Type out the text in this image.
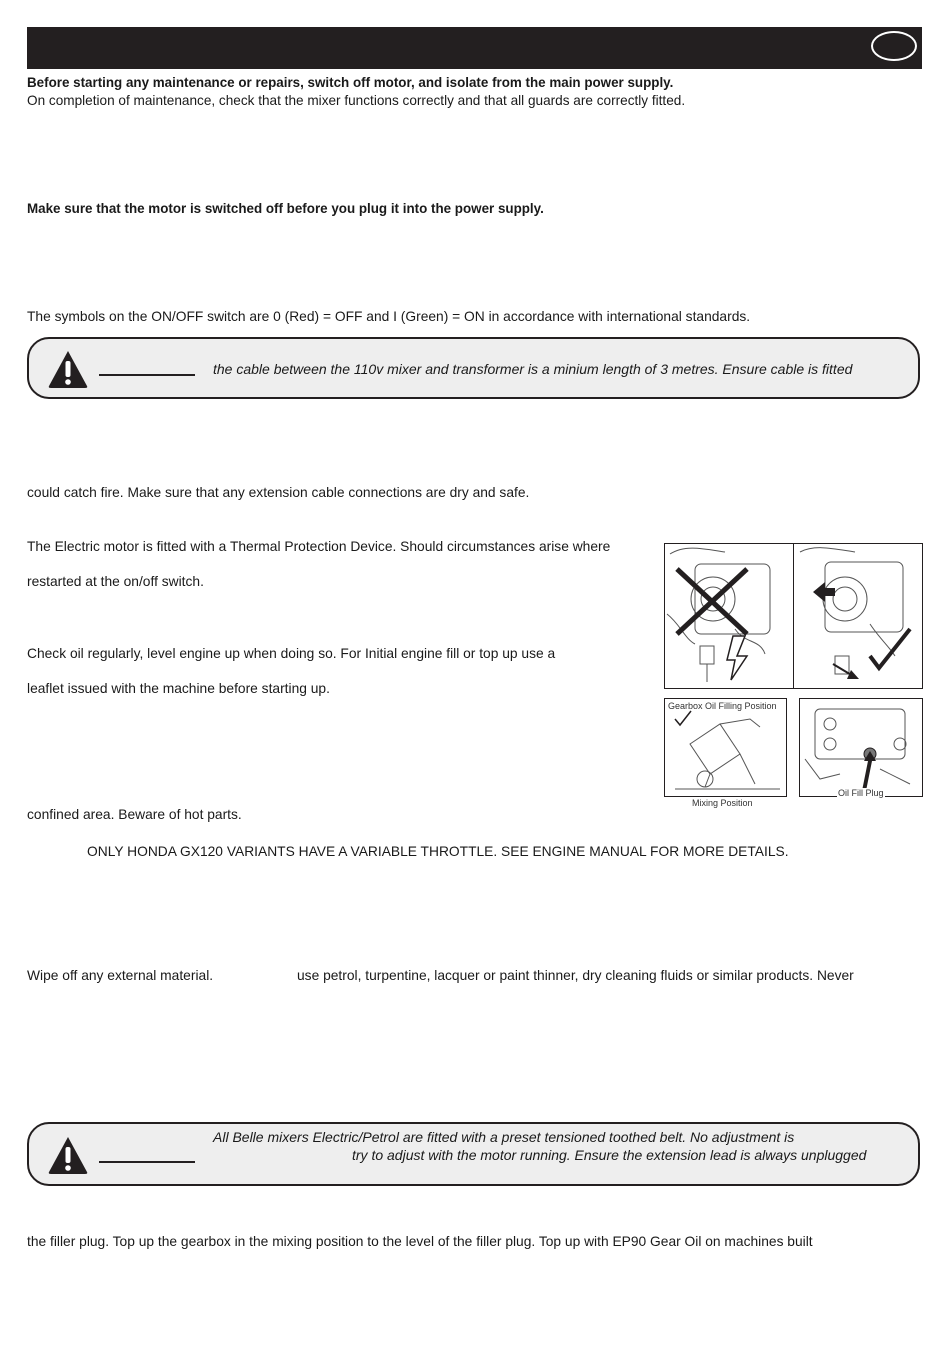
Before starting any maintenance or repairs, switch off motor, and isolate from the main power supply.
On completion of maintenance, check that the mixer functions correctly and that all guards are correctly fitted.
Make sure that the motor is switched off before you plug it into the power supply.
The symbols on the ON/OFF switch are 0 (Red) = OFF and I (Green) = ON in accordance with international standards.
the cable between the 110v mixer and transformer is a minium length of 3 metres. Ensure cable is fitted
could catch fire. Make sure that any extension cable connections are dry and safe.
The Electric motor is fitted with a Thermal Protection Device. Should circumstances arise where
restarted at the on/off switch.
Check oil regularly, level engine up when doing so. For Initial engine fill or top up use a
leaflet issued with the machine before starting up.
confined area. Beware of hot parts.
ONLY HONDA GX120 VARIANTS HAVE A VARIABLE THROTTLE. SEE ENGINE MANUAL FOR MORE DETAILS.
Wipe off any external material.	use petrol, turpentine, lacquer or paint thinner, dry cleaning fluids or similar products. Never
All Belle mixers Electric/Petrol are fitted with a preset tensioned toothed belt. No adjustment is
try to adjust with the motor running. Ensure the extension lead is always unplugged
the filler plug. Top up the gearbox in the mixing position to the level of the filler plug. Top up with EP90 Gear Oil on machines built
Gearbox Oil Filling Position
Mixing Position
Oil Fill Plug
